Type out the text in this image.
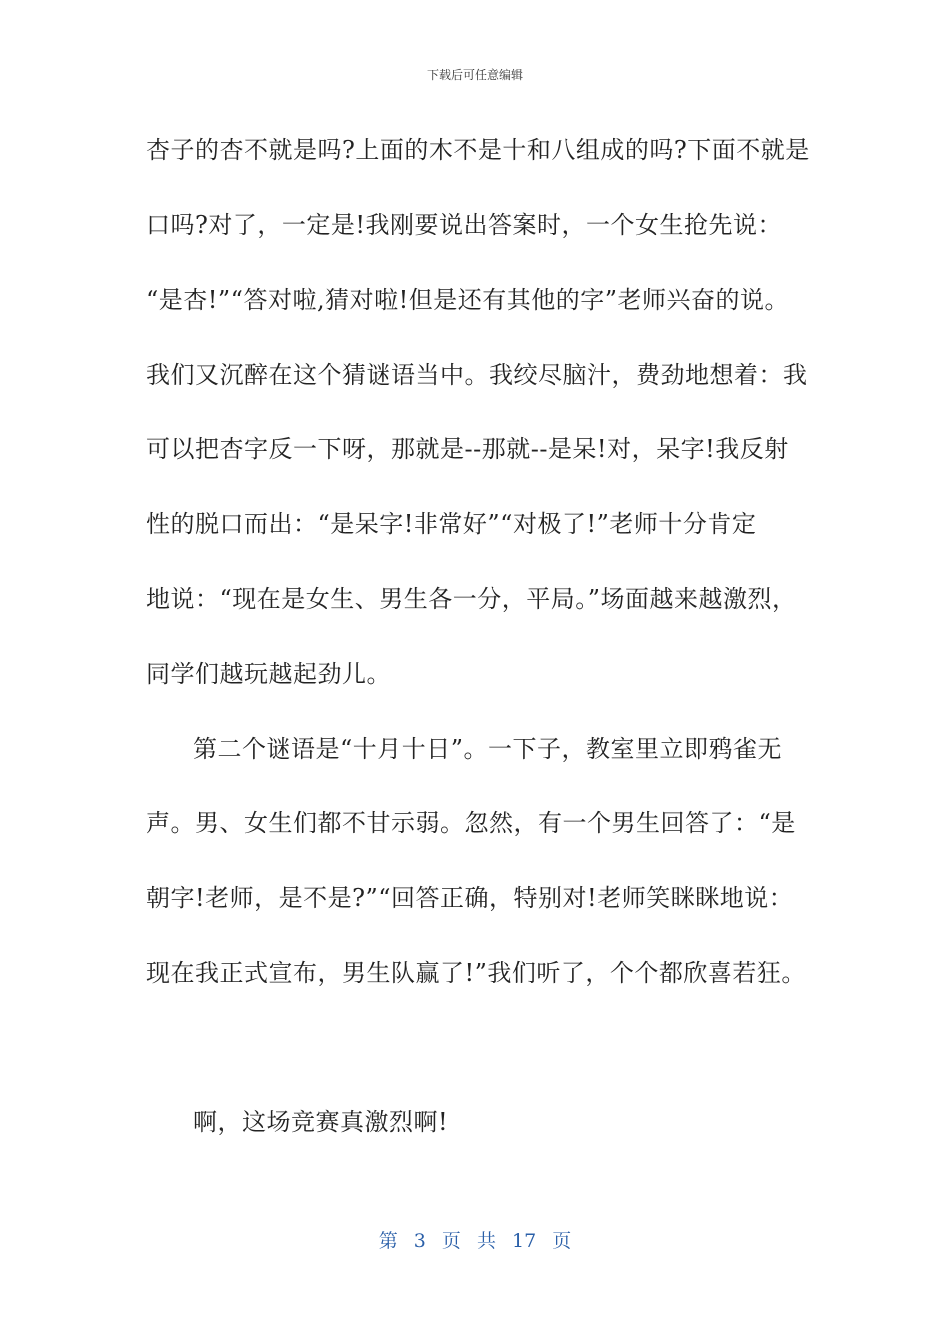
下载后可任意编辑
杏子的杏不就是吗?上面的木不是十和八组成的吗?下面不就是
口吗?对了，一定是!我刚要说出答案时，一个女生抢先说：
“是杏!”“答对啦,猜对啦!但是还有其他的字”老师兴奋的说。
我们又沉醉在这个猜谜语当中。我绞尽脑汁，费劲地想着：我
可以把杏字反一下呀，那就是--那就--是呆!对，呆字!我反射
性的脱口而出：“是呆字!非常好”“对极了!”老师十分肯定
地说：“现在是女生、男生各一分，平局。”场面越来越激烈，
同学们越玩越起劲儿。
第二个谜语是“十月十日”。一下子，教室里立即鸦雀无
声。男、女生们都不甘示弱。忽然，有一个男生回答了：“是
朝字!老师，是不是?”“回答正确，特别对!老师笑眯眯地说：
现在我正式宣布，男生队赢了!”我们听了，个个都欣喜若狂。
啊，这场竞赛真激烈啊!
第 3 页 共 17 页
